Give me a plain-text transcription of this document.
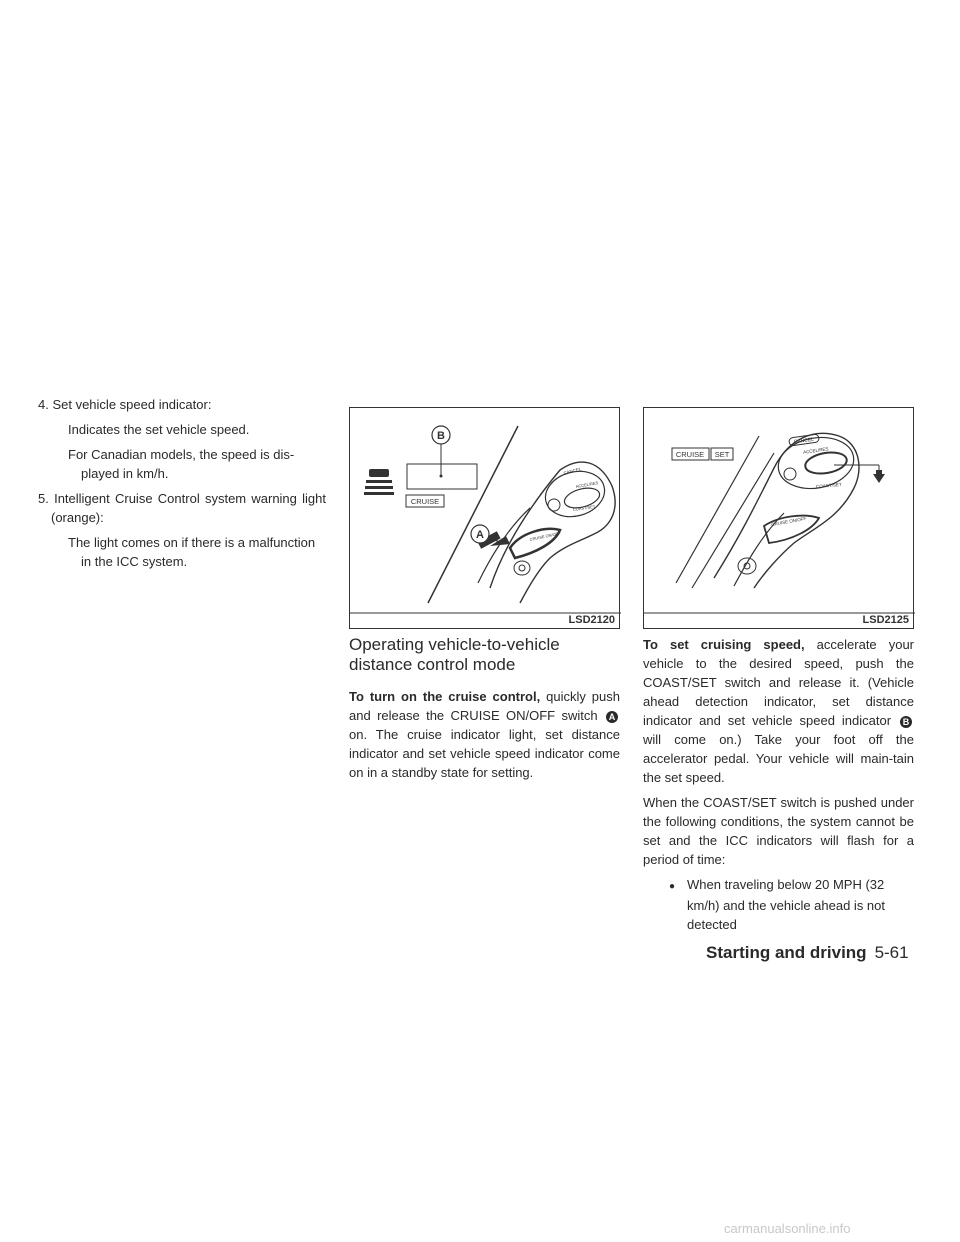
4. Set vehicle speed indicator:

Indicates the set vehicle speed.

For Canadian models, the speed is dis-played in km/h.

5. Intelligent Cruise Control system warning light (orange):

The light comes on if there is a malfunction in the ICC system.

B
A
CRUISE
CANCEL
ACCEL/RES
COAST/SET
CRUISE ON/OFF
LSD2120
Operating vehicle-to-vehicle distance control mode

To turn on the cruise control, quickly push and release the CRUISE ON/OFF switch A on. The cruise indicator light, set distance indicator and set vehicle speed indicator come on in a standby state for setting.

CRUISE SET
CANCEL
ACCEL/RES
COAST/SET
CRUISE ON/OFF
LSD2125

To set cruising speed, accelerate your vehicle to the desired speed, push the COAST/SET switch and release it. (Vehicle ahead detection indicator, set distance indicator and set vehicle speed indicator B will come on.) Take your foot off the accelerator pedal. Your vehicle will main-tain the set speed.

When the COAST/SET switch is pushed under the following conditions, the system cannot be set and the ICC indicators will flash for a period of time:

● When traveling below 20 MPH (32 km/h) and the vehicle ahead is not detected

Starting and driving 5-61
carmanualsonline.info
